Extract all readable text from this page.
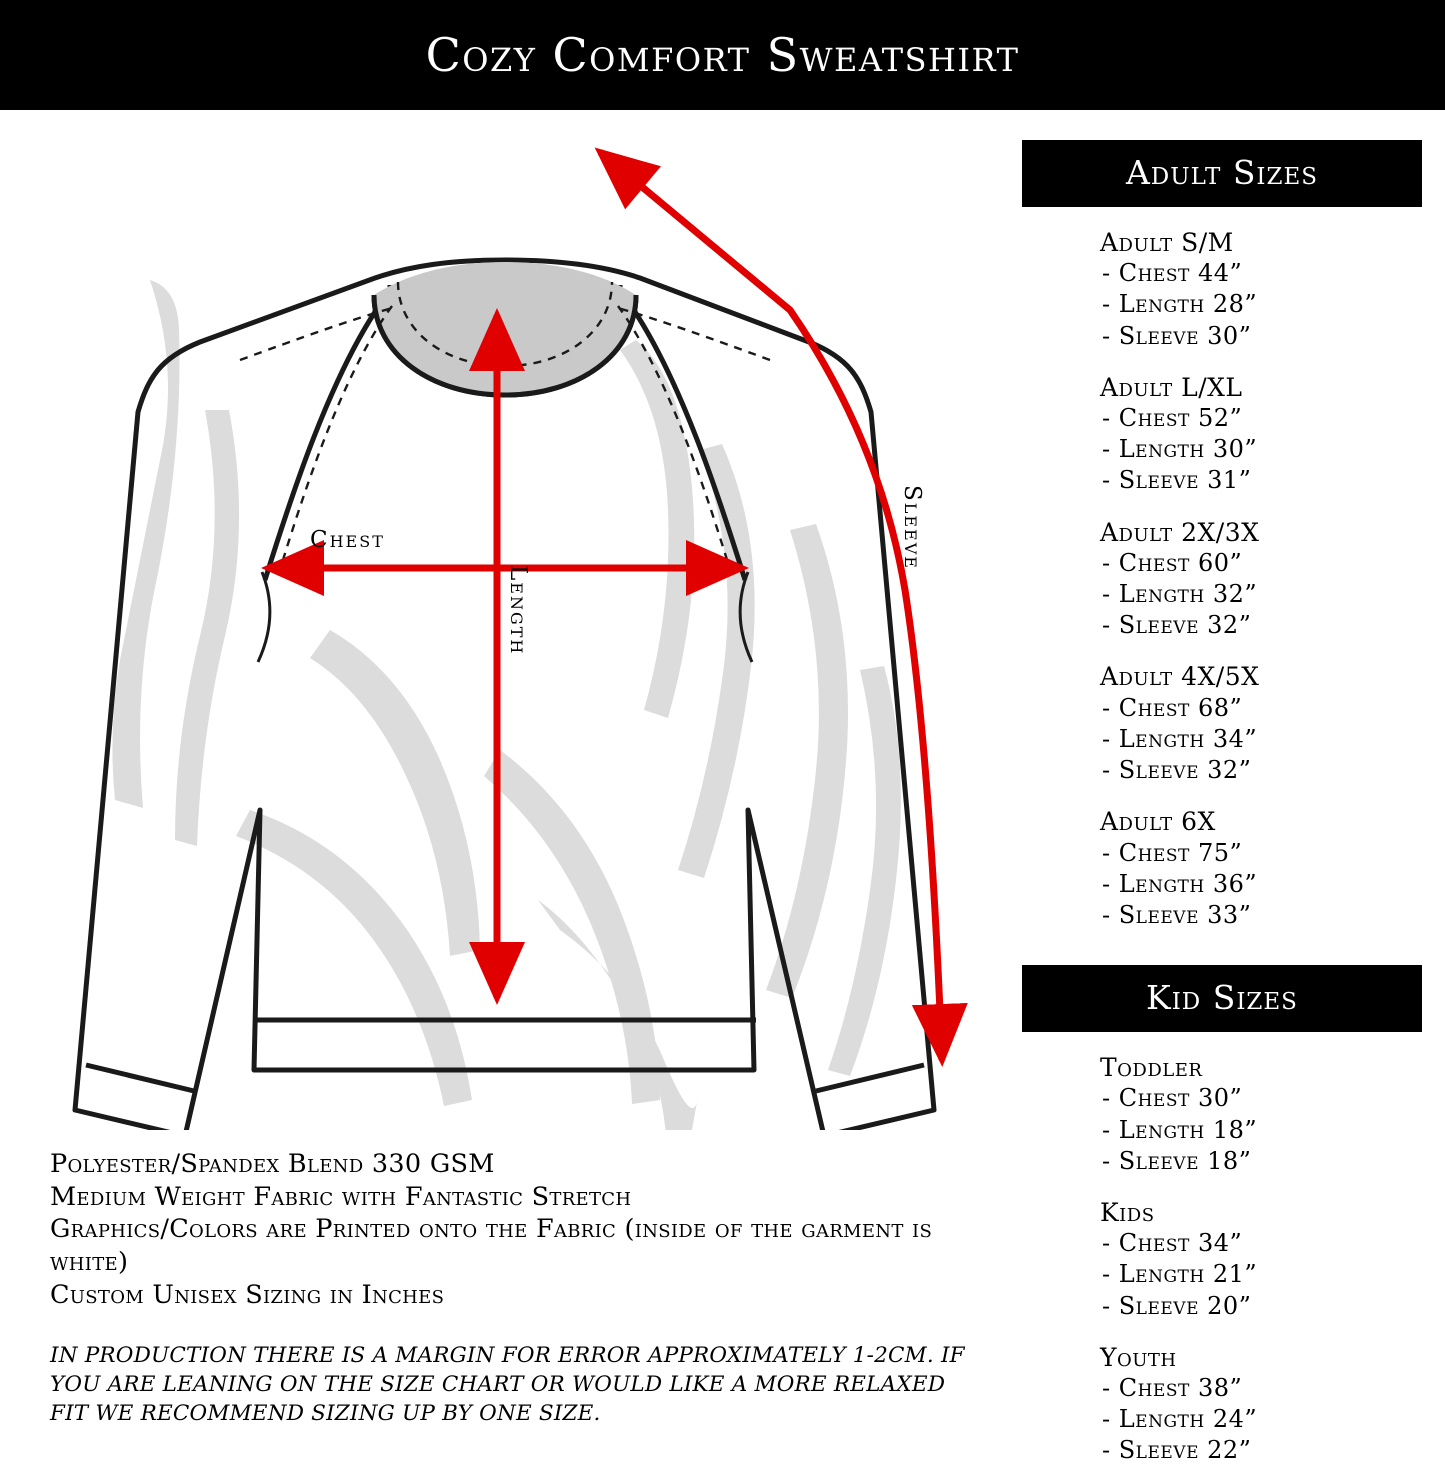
Cozy Comfort Sweatshirt
Chest
Length
Sleeve
Adult Sizes
Adult S/M
- Chest 44”
- Length 28”
- Sleeve 30”
Adult L/XL
- Chest 52”
- Length 30”
- Sleeve 31”
Adult 2X/3X
- Chest 60”
- Length 32”
- Sleeve 32”
Adult 4X/5X
- Chest 68”
- Length 34”
- Sleeve 32”
Adult 6X
- Chest 75”
- Length 36”
- Sleeve 33”
Kid Sizes
Toddler
- Chest 30”
- Length 18”
- Sleeve 18”
Kids
- Chest 34”
- Length 21”
- Sleeve 20”
Youth
- Chest 38”
- Length 24”
- Sleeve 22”
Polyester/Spandex Blend 330 GSM
Medium Weight Fabric with Fantastic Stretch
Graphics/Colors are Printed onto the Fabric (inside of the garment is white)
Custom Unisex Sizing in Inches
IN PRODUCTION THERE IS A MARGIN FOR ERROR APPROXIMATELY 1-2CM. IF YOU ARE LEANING ON THE SIZE CHART OR WOULD LIKE A MORE RELAXED FIT WE RECOMMEND SIZING UP BY ONE SIZE.
